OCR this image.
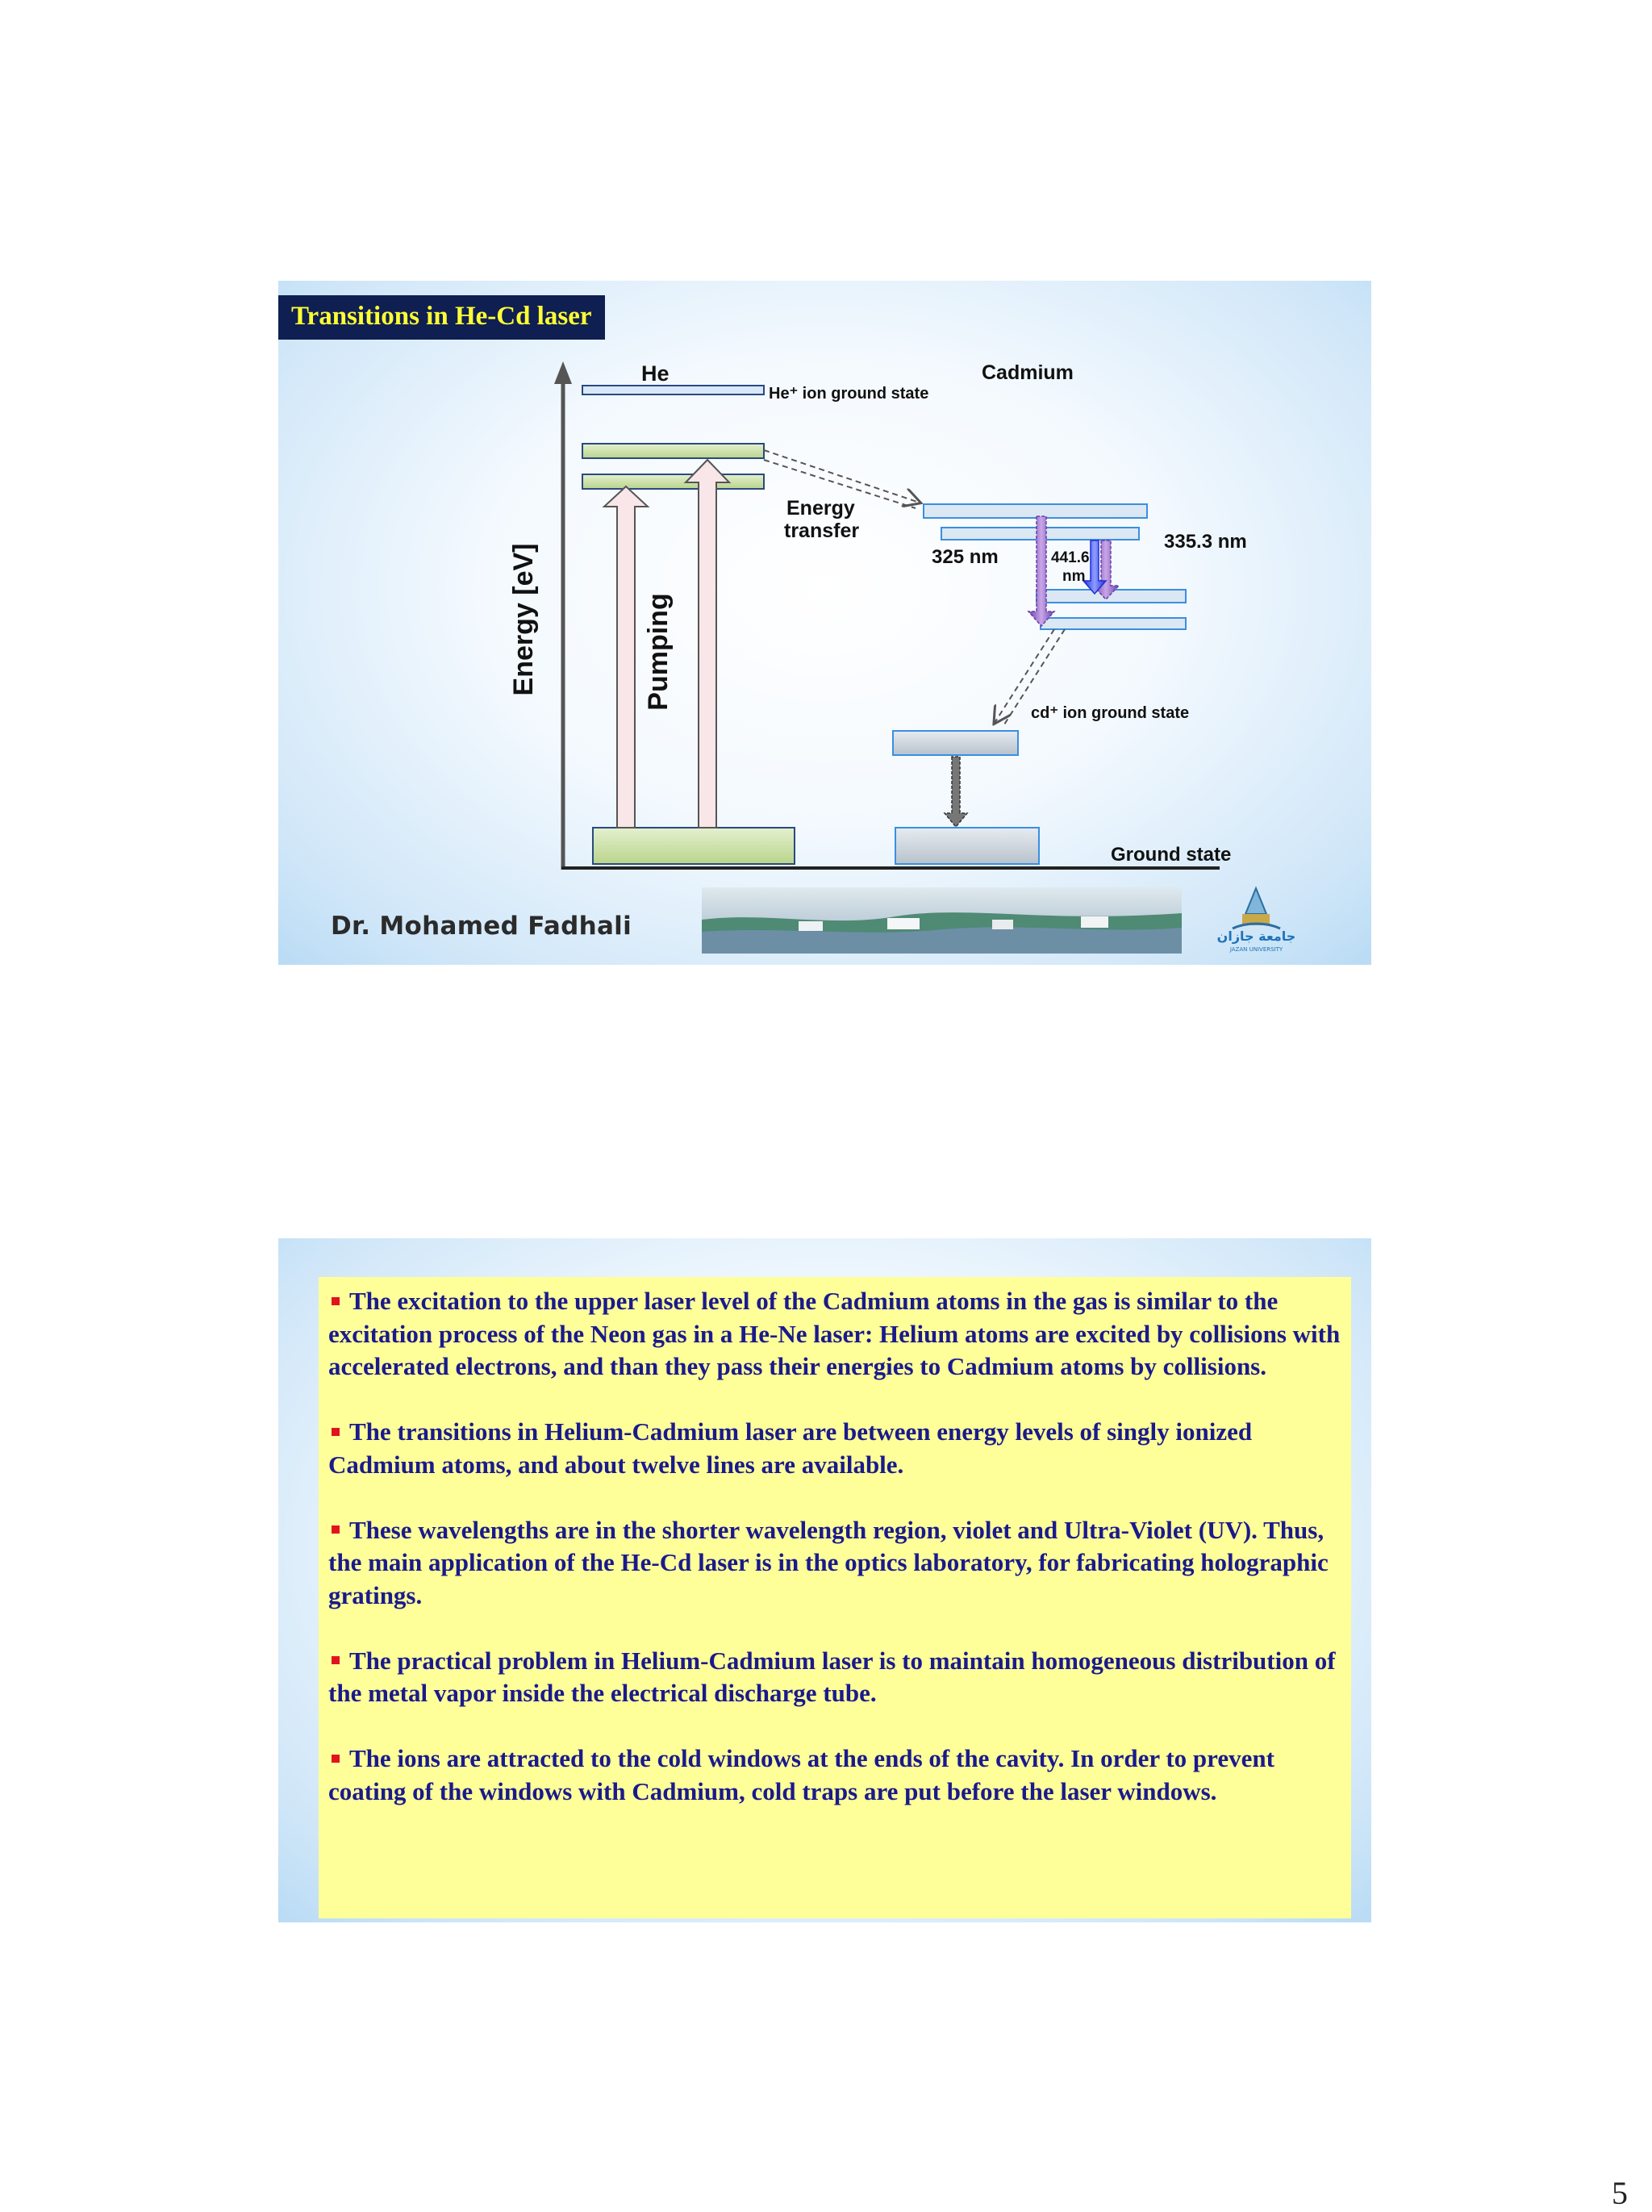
Transitions in He-Cd laser
Energy [eV]
He
He⁺ ion ground state
Pumping
Energy
transfer
Cadmium
325 nm	441.6
nm
335.3 nm
cd⁺ ion ground state
Ground state
Dr. Mohamed Fadhali	جامعة جازان
JAZAN UNIVERSITY

The excitation to the upper laser level of the Cadmium atoms in the gas is similar to the excitation process of the Neon gas in a He-Ne laser: Helium atoms are excited by collisions with accelerated electrons, and than they pass their energies to Cadmium atoms by collisions.

The transitions in Helium-Cadmium laser are between energy levels of singly ionized Cadmium atoms, and about twelve lines are available.

These wavelengths are in the shorter wavelength region, violet and Ultra-Violet (UV). Thus, the main application of the He-Cd laser is in the optics laboratory, for fabricating holographic gratings.

The practical problem in Helium-Cadmium laser is to maintain homogeneous distribution of the metal vapor inside the electrical discharge tube.

The ions are attracted to the cold windows at the ends of the cavity. In order to prevent coating of the windows with Cadmium, cold traps are put before the laser windows.

5
